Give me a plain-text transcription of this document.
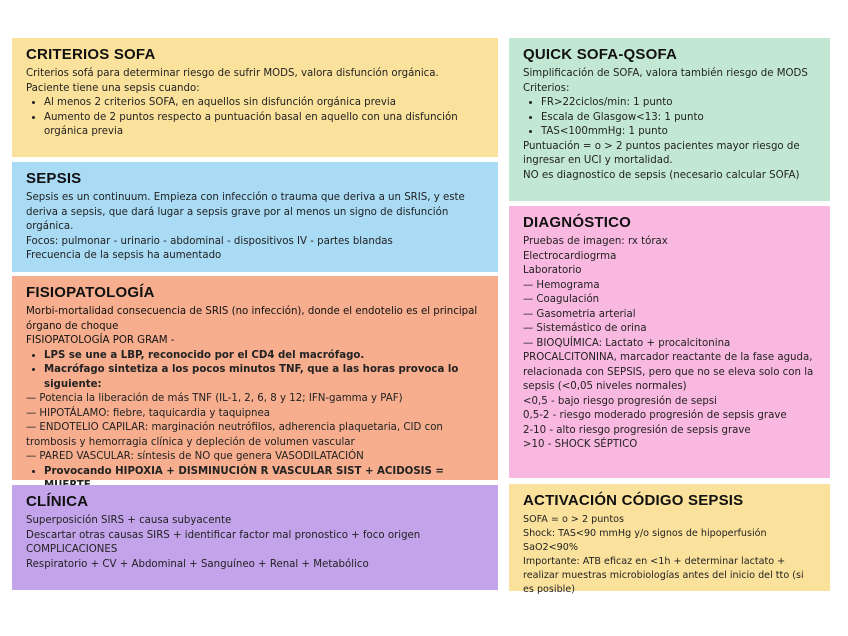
CRITERIOS SOFA

Criterios sofá para determinar riesgo de sufrir MODS, valora disfunción orgánica.

Paciente tiene una sepsis cuando:

• Al menos 2 criterios SOFA, en aquellos sin disfunción orgánica previa
• Aumento de 2 puntos respecto a puntuación basal en aquello con una disfunción orgánica previa
SEPSIS

Sepsis es un continuum. Empieza con infección o trauma que deriva a un SRIS, y este deriva a sepsis, que dará lugar a sepsis grave por al menos un signo de disfunción orgánica.

Focos: pulmonar - urinario - abdominal - dispositivos IV - partes blandas

Frecuencia de la sepsis ha aumentado

FISIOPATOLOGÍA

Morbi-mortalidad consecuencia de SRIS (no infección), donde el endotelio es el principal órgano de choque

FISIOPATOLOGÍA POR GRAM -

• LPS se une a LBP, reconocido por el CD4 del macrófago.
• Macrófago sintetiza a los pocos minutos TNF, que a las horas provoca lo siguiente:

— Potencia la liberación de más TNF (IL-1, 2, 6, 8 y 12; IFN-gamma y PAF)

— HIPOTÁLAMO: fiebre, taquicardia y taquipnea

— ENDOTELIO CAPILAR: marginación neutrófilos, adherencia plaquetaria, CID con trombosis y hemorragia clínica y depleción de volumen vascular

— PARED VASCULAR: síntesis de NO que genera VASODILATACIÓN

• Provocando HIPOXIA + DISMINUCIÓN R VASCULAR SIST + ACIDOSIS =
CLÍNICA

Superposición SIRS + causa subyacente

Descartar otras causas SIRS + identificar factor mal pronostico + foco origen

COMPLICACIONES

Respiratorio + CV + Abdominal + Sanguíneo + Renal + Metabólico

QUICK SOFA-QSOFA

Simplificación de SOFA, valora también riesgo de MODS

Criterios:

• FR>22ciclos/min: 1 punto
• Escala de Glasgow<13: 1 punto
• TAS<100mmHg: 1 punto

Puntuación = o > 2 puntos pacientes mayor riesgo de ingresar en UCI y mortalidad.

NO es diagnostico de sepsis (necesario calcular SOFA)

DIAGNÓSTICO

Pruebas de imagen: rx tórax

Electrocardiogrma

Laboratorio

— Hemograma

— Coagulación

— Gasometria arterial

— Sistemástico de orina

— BIOQUÍMICA: Lactato + procalcitonina

PROCALCITONINA, marcador reactante de la fase aguda, relacionada con SEPSIS, pero que no se eleva solo con la sepsis (<0,05 niveles normales)

<0,5 - bajo riesgo progresión de sepsi

0,5-2 - riesgo moderado progresión de sepsis grave

2-10 - alto riesgo progresión de sepsis grave

>10 - SHOCK SÉPTICO

ACTIVACIÓN CÓDIGO SEPSIS

SOFA = o > 2 puntos

Shock: TAS<90 mmHg y/o signos de hipoperfusión

SaO2<90%

Importante: ATB eficaz en <1h + determinar lactato + realizar muestras microbiologías antes del inicio del tto (si es posible)
